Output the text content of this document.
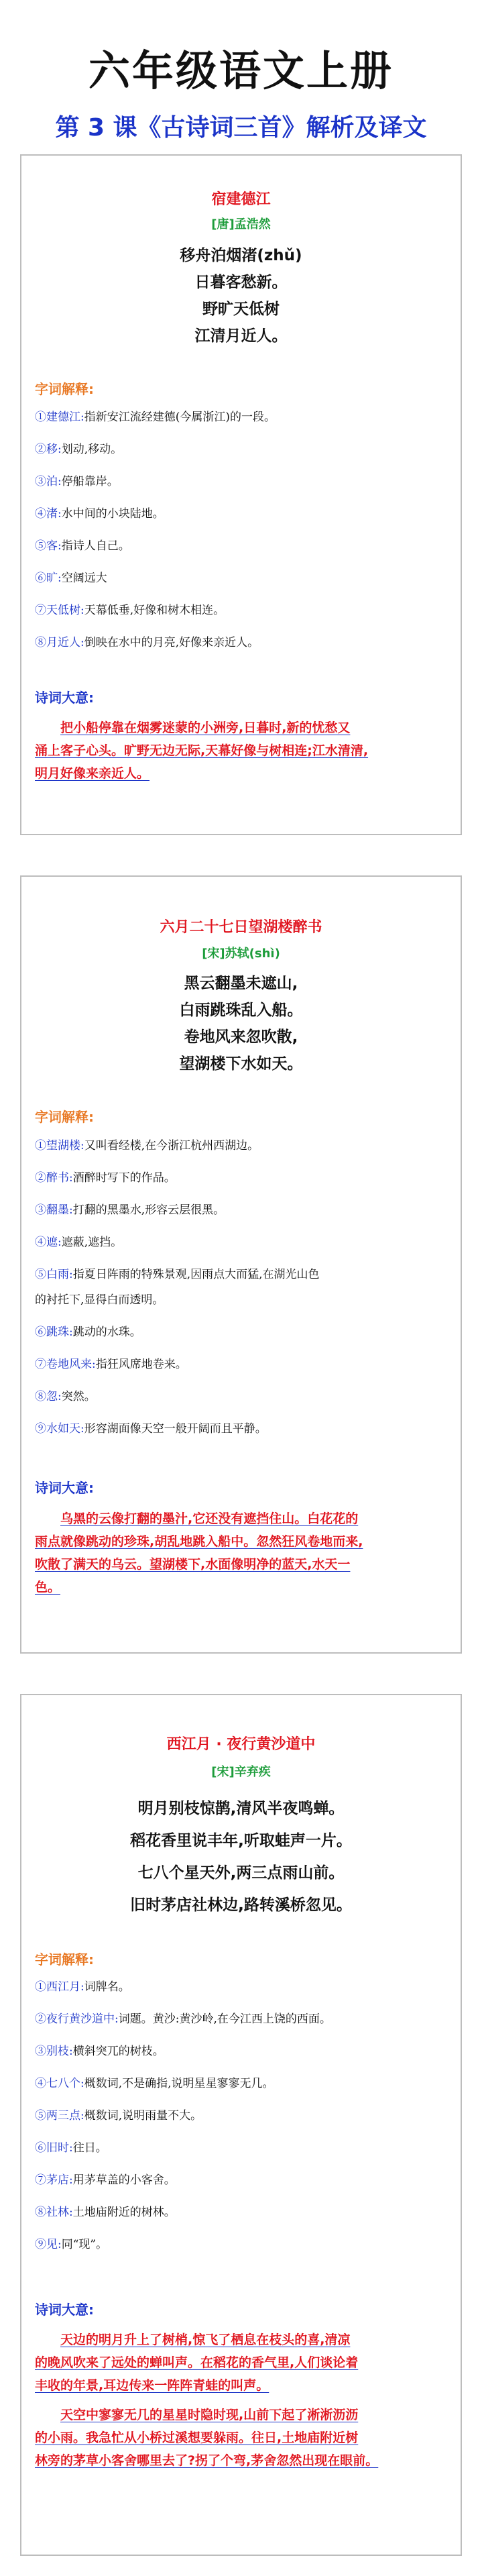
六年级语文上册
第 3 课《古诗词三首》解析及译文
宿建德江
[唐]孟浩然
移舟泊烟渚(zhǔ)
日暮客愁新。
野旷天低树
江清月近人。
字词解释:
①建德江:指新安江流经建德(今属浙江)的一段。
②移:划动,移动。
③泊:停船靠岸。
④渚:水中间的小块陆地。
⑤客:指诗人自己。
⑥旷:空阔远大
⑦天低树:天幕低垂,好像和树木相连。
⑧月近人:倒映在水中的月亮,好像来亲近人。
诗词大意:
把小船停靠在烟雾迷蒙的小洲旁,日暮时,新的忧愁又
涌上客子心头。旷野无边无际,天幕好像与树相连;江水清清,
明月好像来亲近人。
六月二十七日望湖楼醉书
[宋]苏轼(shì)
黑云翻墨未遮山,
白雨跳珠乱入船。
卷地风来忽吹散,
望湖楼下水如天。
字词解释:
①望湖楼:又叫看经楼,在今浙江杭州西湖边。
②醉书:酒醉时写下的作品。
③翻墨:打翻的黑墨水,形容云层很黑。
④遮:遮蔽,遮挡。
⑤白雨:指夏日阵雨的特殊景观,因雨点大而猛,在湖光山色
的衬托下,显得白而透明。
⑥跳珠:跳动的水珠。
⑦卷地风来:指狂风席地卷来。
⑧忽:突然。
⑨水如天:形容湖面像天空一般开阔而且平静。
诗词大意:
乌黑的云像打翻的墨汁,它还没有遮挡住山。白花花的
雨点就像跳动的珍珠,胡乱地跳入船中。忽然狂风卷地而来,
吹散了满天的乌云。望湖楼下,水面像明净的蓝天,水天一
色。
西江月 · 夜行黄沙道中
[宋]辛弃疾
明月别枝惊鹊,清风半夜鸣蝉。
稻花香里说丰年,听取蛙声一片。
七八个星天外,两三点雨山前。
旧时茅店社林边,路转溪桥忽见。
字词解释:
①西江月:词牌名。
②夜行黄沙道中:词题。黄沙:黄沙岭,在今江西上饶的西面。
③别枝:横斜突兀的树枝。
④七八个:概数词,不是确指,说明星星寥寥无几。
⑤两三点:概数词,说明雨量不大。
⑥旧时:往日。
⑦茅店:用茅草盖的小客舍。
⑧社林:土地庙附近的树林。
⑨见:同“现”。
诗词大意:
天边的明月升上了树梢,惊飞了栖息在枝头的喜,清凉
的晚风吹来了远处的蝉叫声。在稻花的香气里,人们谈论着
丰收的年景,耳边传来一阵阵青蛙的叫声。
天空中寥寥无几的星星时隐时现,山前下起了淅淅沥沥
的小雨。我急忙从小桥过溪想要躲雨。往日,土地庙附近树
林旁的茅草小客舍哪里去了?拐了个弯,茅舍忽然出现在眼前。
